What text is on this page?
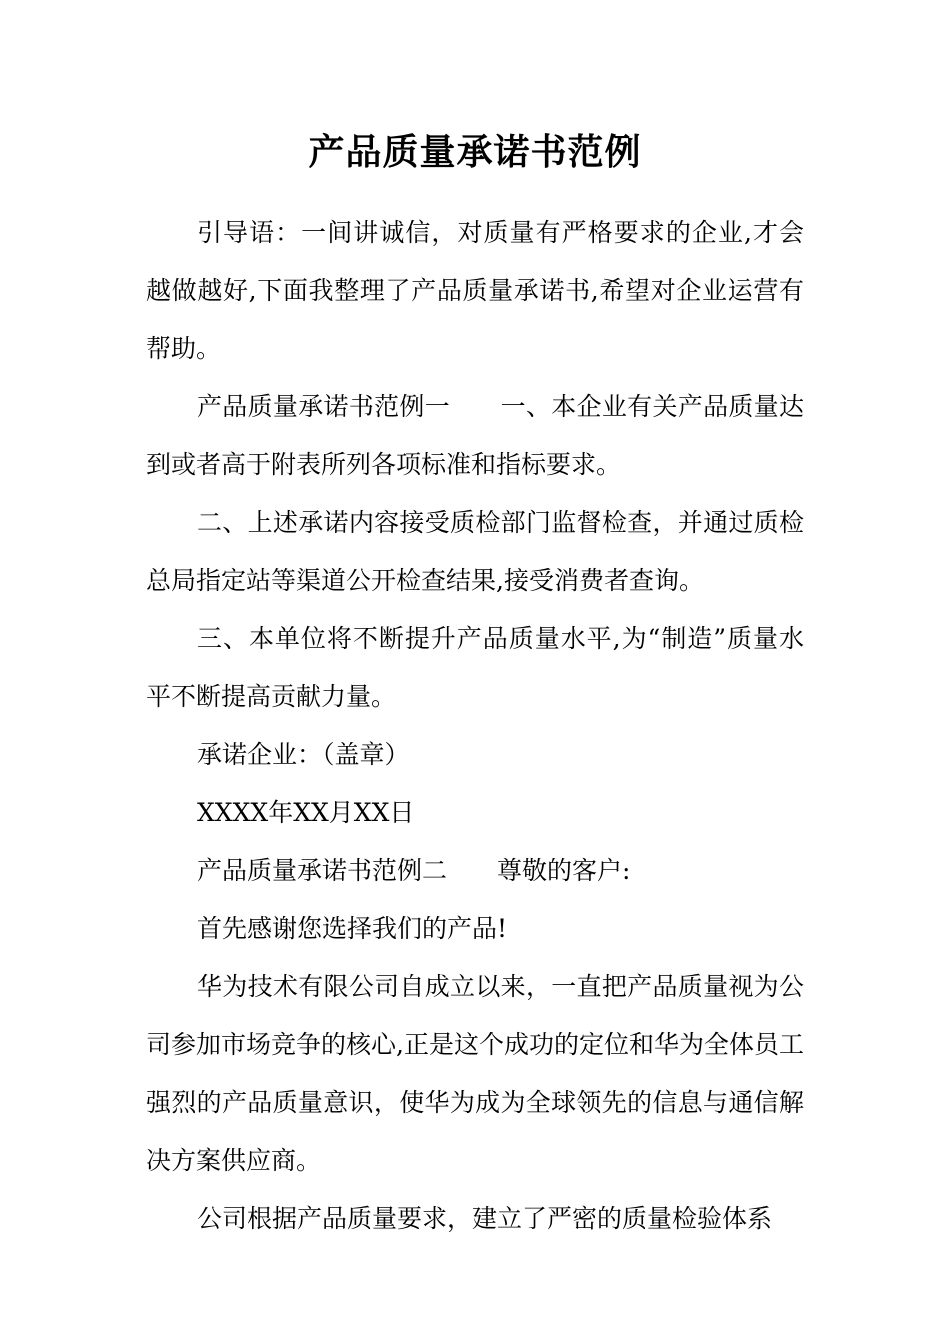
产品质量承诺书范例

引导语：一间讲诚信，对质量有严格要求的企业,才会越做越好,下面我整理了产品质量承诺书,希望对企业运营有帮助。

产品质量承诺书范例一　　一、本企业有关产品质量达到或者高于附表所列各项标准和指标要求。

二、上述承诺内容接受质检部门监督检查，并通过质检总局指定站等渠道公开检查结果,接受消费者查询。

三、本单位将不断提升产品质量水平,为“制造”质量水平不断提高贡献力量。

承诺企业：（盖章）

XXXX年XX月XX日

产品质量承诺书范例二　　尊敬的客户:

首先感谢您选择我们的产品!

华为技术有限公司自成立以来，一直把产品质量视为公司参加市场竞争的核心,正是这个成功的定位和华为全体员工强烈的产品质量意识，使华为成为全球领先的信息与通信解决方案供应商。

公司根据产品质量要求，建立了严密的质量检验体系
